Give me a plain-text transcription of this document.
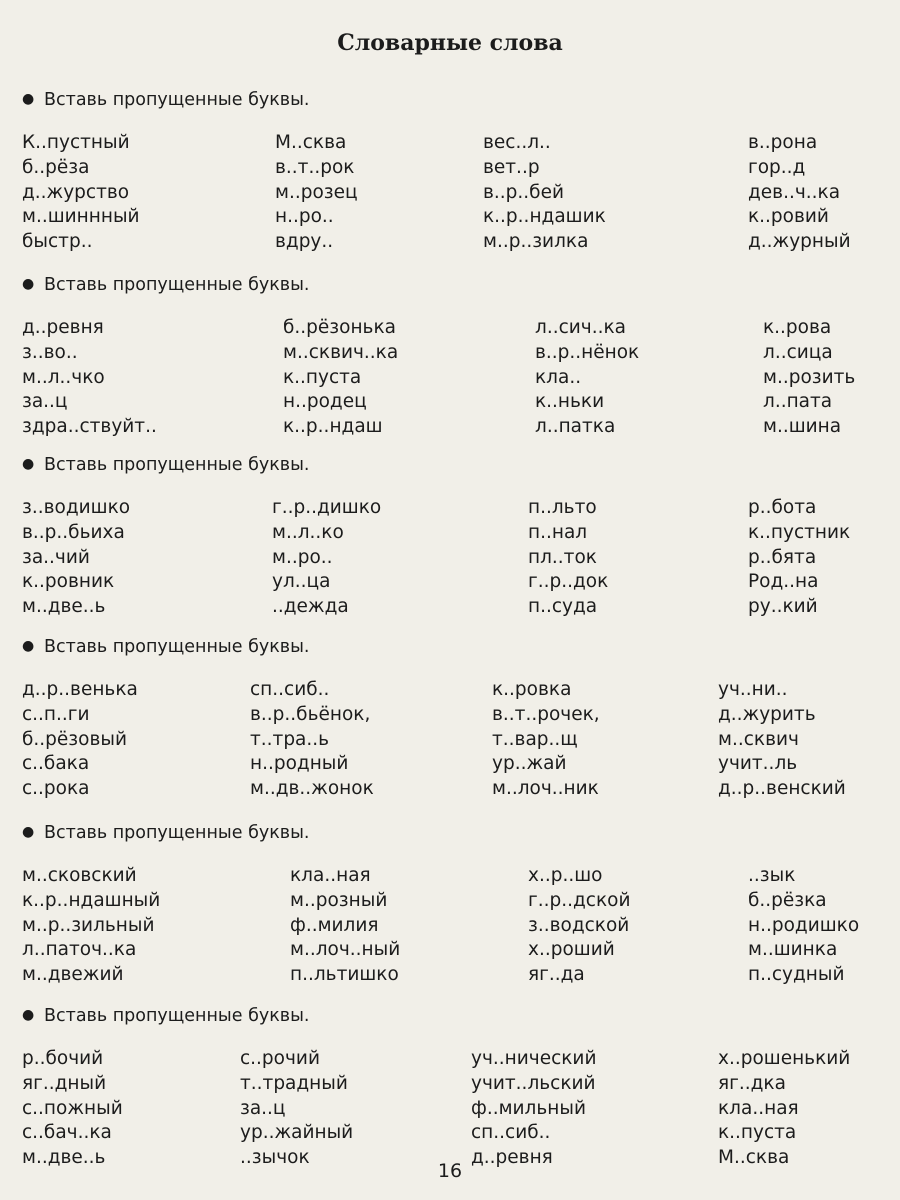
Словарные слова
● Вставь пропущенные буквы.
К..пустный	М..сква	вес..л..	в..рона
б..рёза	в..т..рок	вет..р	гор..д
д..журство	м..розец	в..р..бей	дев..ч..ка
м..шиннный	н..ро..	к..р..ндашик	к..ровий
быстр..	вдру..	м..р..зилка	д..журный
● Вставь пропущенные буквы.
д..ревня	б..рёзонька	л..сич..ка	к..рова
з..во..	м..сквич..ка	в..р..нёнок	л..сица
м..л..чко	к..пуста	кла..	м..розить
за..ц	н..родец	к..ньки	л..пата
здра..ствуйт..	к..р..ндаш	л..патка	м..шина
● Вставь пропущенные буквы.
з..водишко	г..р..дишко	п..льто	р..бота
в..р..бьиха	м..л..ко	п..нал	к..пустник
за..чий	м..ро..	пл..ток	р..бята
к..ровник	ул..ца	г..р..док	Род..на
м..две..ь	..дежда	п..суда	ру..кий
● Вставь пропущенные буквы.
д..р..венька	сп..сиб..	к..ровка	уч..ни..
с..п..ги	в..р..бьёнок,	в..т..рочек,	д..журить
б..рёзовый	т..тра..ь	т..вар..щ	м..сквич
с..бака	н..родный	ур..жай	учит..ль
с..рока	м..дв..жонок	м..лоч..ник	д..р..венский
● Вставь пропущенные буквы.
м..сковский	кла..ная	х..р..шо	..зык
к..р..ндашный	м..розный	г..р..дской	б..рёзка
м..р..зильный	ф..милия	з..водской	н..родишко
л..паточ..ка	м..лоч..ный	х..роший	м..шинка
м..двежий	п..льтишко	яг..да	п..судный
● Вставь пропущенные буквы.
р..бочий	с..рочий	уч..нический	х..рошенький
яг..дный	т..традный	учит..льский	яг..дка
с..пожный	за..ц	ф..мильный	кла..ная
с..бач..ка	ур..жайный	сп..сиб..	к..пуста
м..две..ь	..зычок	д..ревня	М..сква
16
